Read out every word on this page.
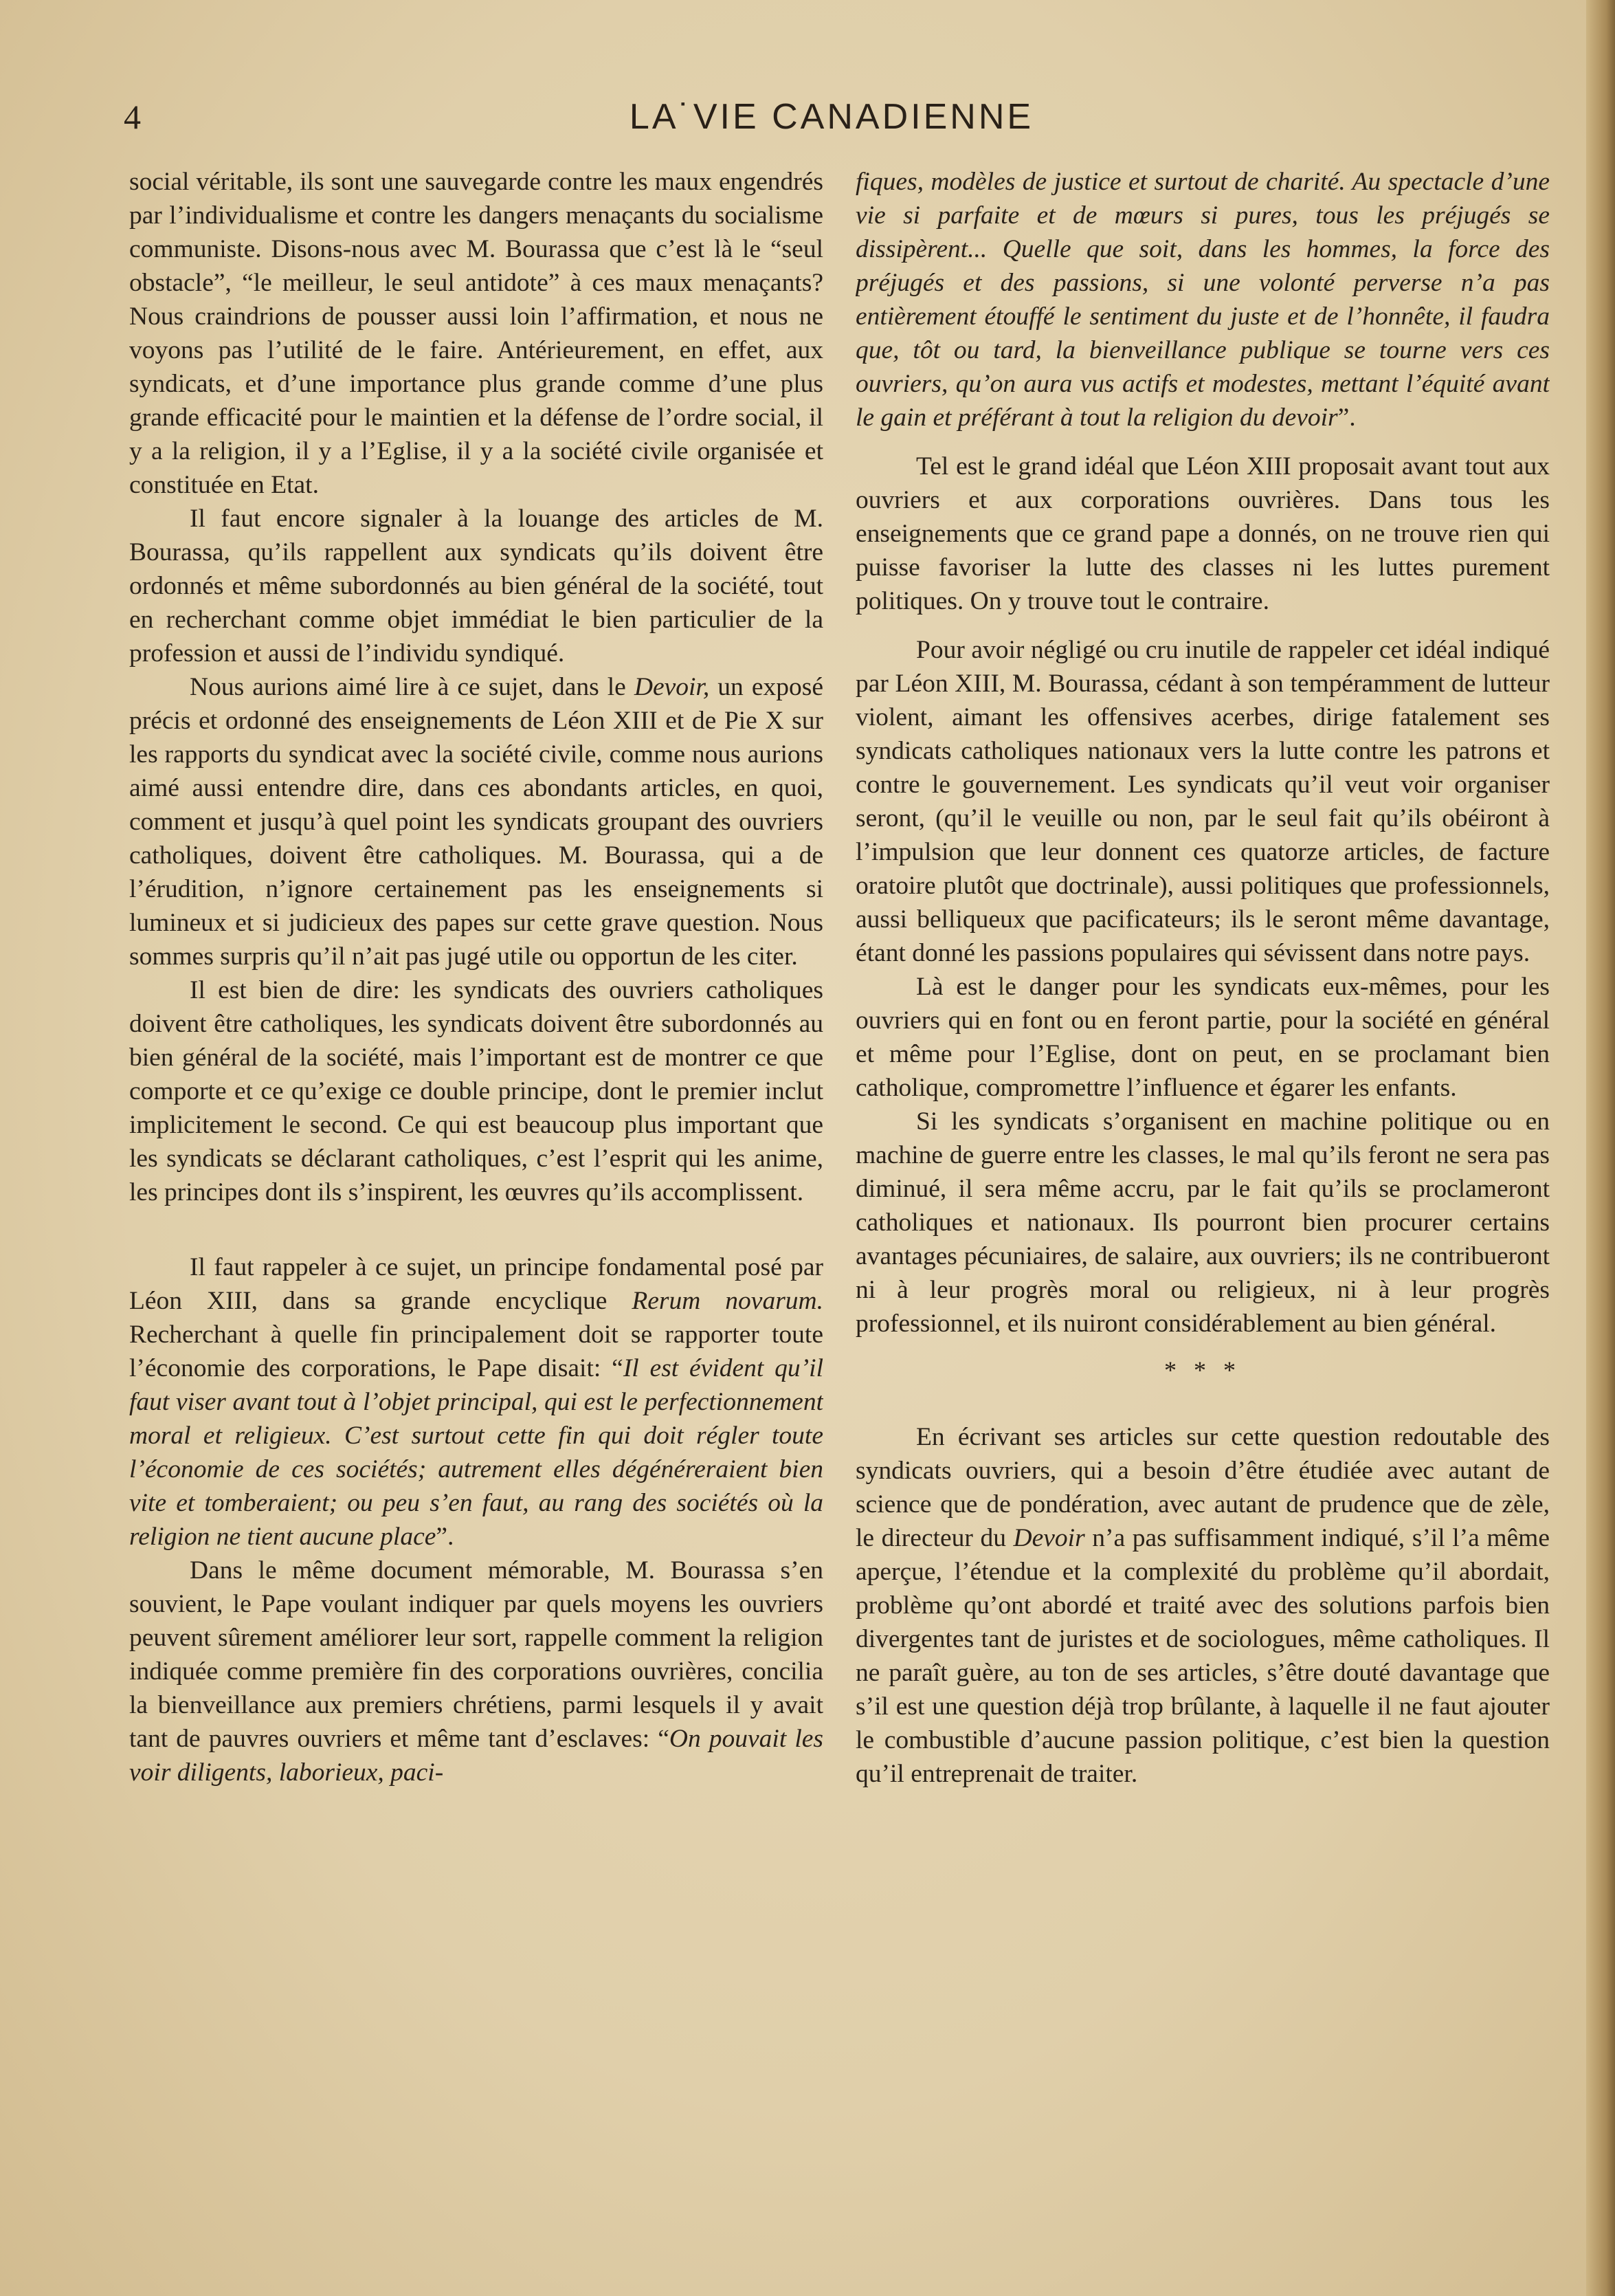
4	LA˙VIE CANADIENNE

social véritable, ils sont une sauvegarde contre les maux engendrés par l’individualisme et contre les dangers menaçants du socialisme communiste. Disons-nous avec M. Bourassa que c’est là le “seul obstacle”, “le meilleur, le seul antidote” à ces maux menaçants? Nous craindrions de pousser aussi loin l’affirmation, et nous ne voyons pas l’utilité de le faire. Antérieurement, en effet, aux syndicats, et d’une importance plus grande comme d’une plus grande efficacité pour le maintien et la défense de l’ordre social, il y a la religion, il y a l’Eglise, il y a la société civile organisée et constituée en Etat.

Il faut encore signaler à la louange des articles de M. Bourassa, qu’ils rappellent aux syndicats qu’ils doivent être ordonnés et même subordonnés au bien général de la société, tout en recherchant comme objet immédiat le bien particulier de la profession et aussi de l’individu syndiqué.

Nous aurions aimé lire à ce sujet, dans le Devoir, un exposé précis et ordonné des enseignements de Léon XIII et de Pie X sur les rapports du syndicat avec la société civile, comme nous aurions aimé aussi entendre dire, dans ces abondants articles, en quoi, comment et jusqu’à quel point les syndicats groupant des ouvriers catholiques, doivent être catholiques. M. Bourassa, qui a de l’érudition, n’ignore certainement pas les enseignements si lumineux et si judicieux des papes sur cette grave question. Nous sommes surpris qu’il n’ait pas jugé utile ou opportun de les citer.

Il est bien de dire: les syndicats des ouvriers catholiques doivent être catholiques, les syndicats doivent être subordonnés au bien général de la société, mais l’important est de montrer ce que comporte et ce qu’exige ce double principe, dont le premier inclut implicitement le second. Ce qui est beaucoup plus important que les syndicats se déclarant catholiques, c’est l’esprit qui les anime, les principes dont ils s’inspirent, les œuvres qu’ils accomplissent.

Il faut rappeler à ce sujet, un principe fondamental posé par Léon XIII, dans sa grande encyclique Rerum novarum. Recherchant à quelle fin principalement doit se rapporter toute l’économie des corporations, le Pape disait: “Il est évident qu’il faut viser avant tout à l’objet principal, qui est le perfectionnement moral et religieux. C’est surtout cette fin qui doit régler toute l’économie de ces sociétés; autrement elles dégénéreraient bien vite et tomberaient; ou peu s’en faut, au rang des sociétés où la religion ne tient aucune place”.

Dans le même document mémorable, M. Bourassa s’en souvient, le Pape voulant indiquer par quels moyens les ouvriers peuvent sûrement améliorer leur sort, rappelle comment la religion indiquée comme première fin des corporations ouvrières, concilia la bienveillance aux premiers chrétiens, parmi lesquels il y avait tant de pauvres ouvriers et même tant d’esclaves: “On pouvait les voir diligents, laborieux, paci-

fiques, modèles de justice et surtout de charité. Au spectacle d’une vie si parfaite et de mœurs si pures, tous les préjugés se dissipèrent... Quelle que soit, dans les hommes, la force des préjugés et des passions, si une volonté perverse n’a pas entièrement étouffé le sentiment du juste et de l’honnête, il faudra que, tôt ou tard, la bienveillance publique se tourne vers ces ouvriers, qu’on aura vus actifs et modestes, mettant l’équité avant le gain et préférant à tout la religion du devoir”.

Tel est le grand idéal que Léon XIII proposait avant tout aux ouvriers et aux corporations ouvrières. Dans tous les enseignements que ce grand pape a donnés, on ne trouve rien qui puisse favoriser la lutte des classes ni les luttes purement politiques. On y trouve tout le contraire.

Pour avoir négligé ou cru inutile de rappeler cet idéal indiqué par Léon XIII, M. Bourassa, cédant à son tempéramment de lutteur violent, aimant les offensives acerbes, dirige fatalement ses syndicats catholiques nationaux vers la lutte contre les patrons et contre le gouvernement. Les syndicats qu’il veut voir organiser seront, (qu’il le veuille ou non, par le seul fait qu’ils obéiront à l’impulsion que leur donnent ces quatorze articles, de facture oratoire plutôt que doctrinale), aussi politiques que professionnels, aussi belliqueux que pacificateurs; ils le seront même davantage, étant donné les passions populaires qui sévissent dans notre pays.

Là est le danger pour les syndicats eux-mêmes, pour les ouvriers qui en font ou en feront partie, pour la société en général et même pour l’Eglise, dont on peut, en se proclamant bien catholique, compromettre l’influence et égarer les enfants.

Si les syndicats s’organisent en machine politique ou en machine de guerre entre les classes, le mal qu’ils feront ne sera pas diminué, il sera même accru, par le fait qu’ils se proclameront catholiques et nationaux. Ils pourront bien procurer certains avantages pécuniaires, de salaire, aux ouvriers; ils ne contribueront ni à leur progrès moral ou religieux, ni à leur progrès professionnel, et ils nuiront considérablement au bien général.

* * *

En écrivant ses articles sur cette question redoutable des syndicats ouvriers, qui a besoin d’être étudiée avec autant de science que de pondération, avec autant de prudence que de zèle, le directeur du Devoir n’a pas suffisamment indiqué, s’il l’a même aperçue, l’étendue et la complexité du problème qu’il abordait, problème qu’ont abordé et traité avec des solutions parfois bien divergentes tant de juristes et de sociologues, même catholiques. Il ne paraît guère, au ton de ses articles, s’être douté davantage que s’il est une question déjà trop brûlante, à laquelle il ne faut ajouter le combustible d’aucune passion politique, c’est bien la question qu’il entreprenait de traiter.
